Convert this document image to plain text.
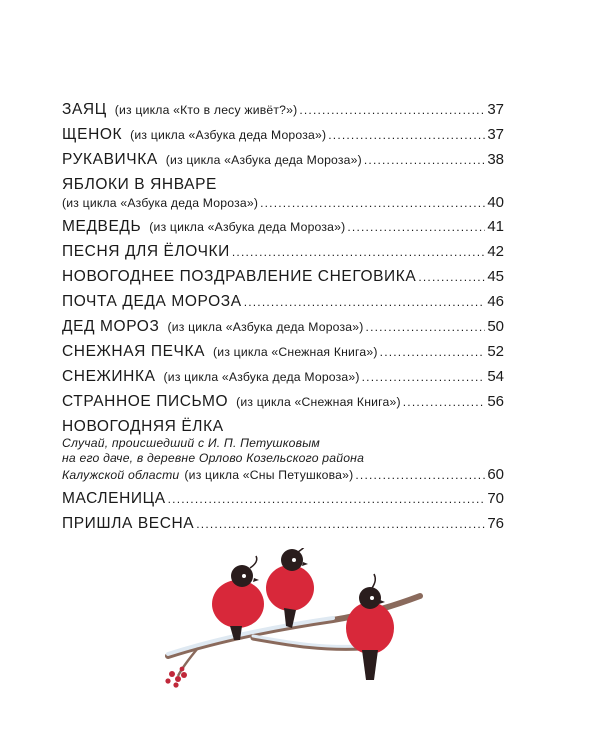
ЗАЯЦ (из цикла «Кто в лесу живёт?») .....	37
ЩЕНОК (из цикла «Азбука деда Мороза») .....	37
РУКАВИЧКА (из цикла «Азбука деда Мороза») .....	38
ЯБЛОКИ В ЯНВАРЕ
(из цикла «Азбука деда Мороза») .....	40
МЕДВЕДЬ (из цикла «Азбука деда Мороза») .....	41
ПЕСНЯ ДЛЯ ЁЛОЧКИ .....	42
НОВОГОДНЕЕ ПОЗДРАВЛЕНИЕ СНЕГОВИКА .....	45
ПОЧТА ДЕДА МОРОЗА .....	46
ДЕД МОРОЗ (из цикла «Азбука деда Мороза») .....	50
СНЕЖНАЯ ПЕЧКА (из цикла «Снежная Книга») .....	52
СНЕЖИНКА (из цикла «Азбука деда Мороза») .....	54
СТРАННОЕ ПИСЬМО (из цикла «Снежная Книга») .....	56
НОВОГОДНЯЯ ЁЛКА
Случай, происшедший с И. П. Петушковым
на его даче, в деревне Орлово Козельского района
Калужской области (из цикла «Сны Петушкова») .....	60
МАСЛЕНИЦА .....	70
ПРИШЛА ВЕСНА .....	76
